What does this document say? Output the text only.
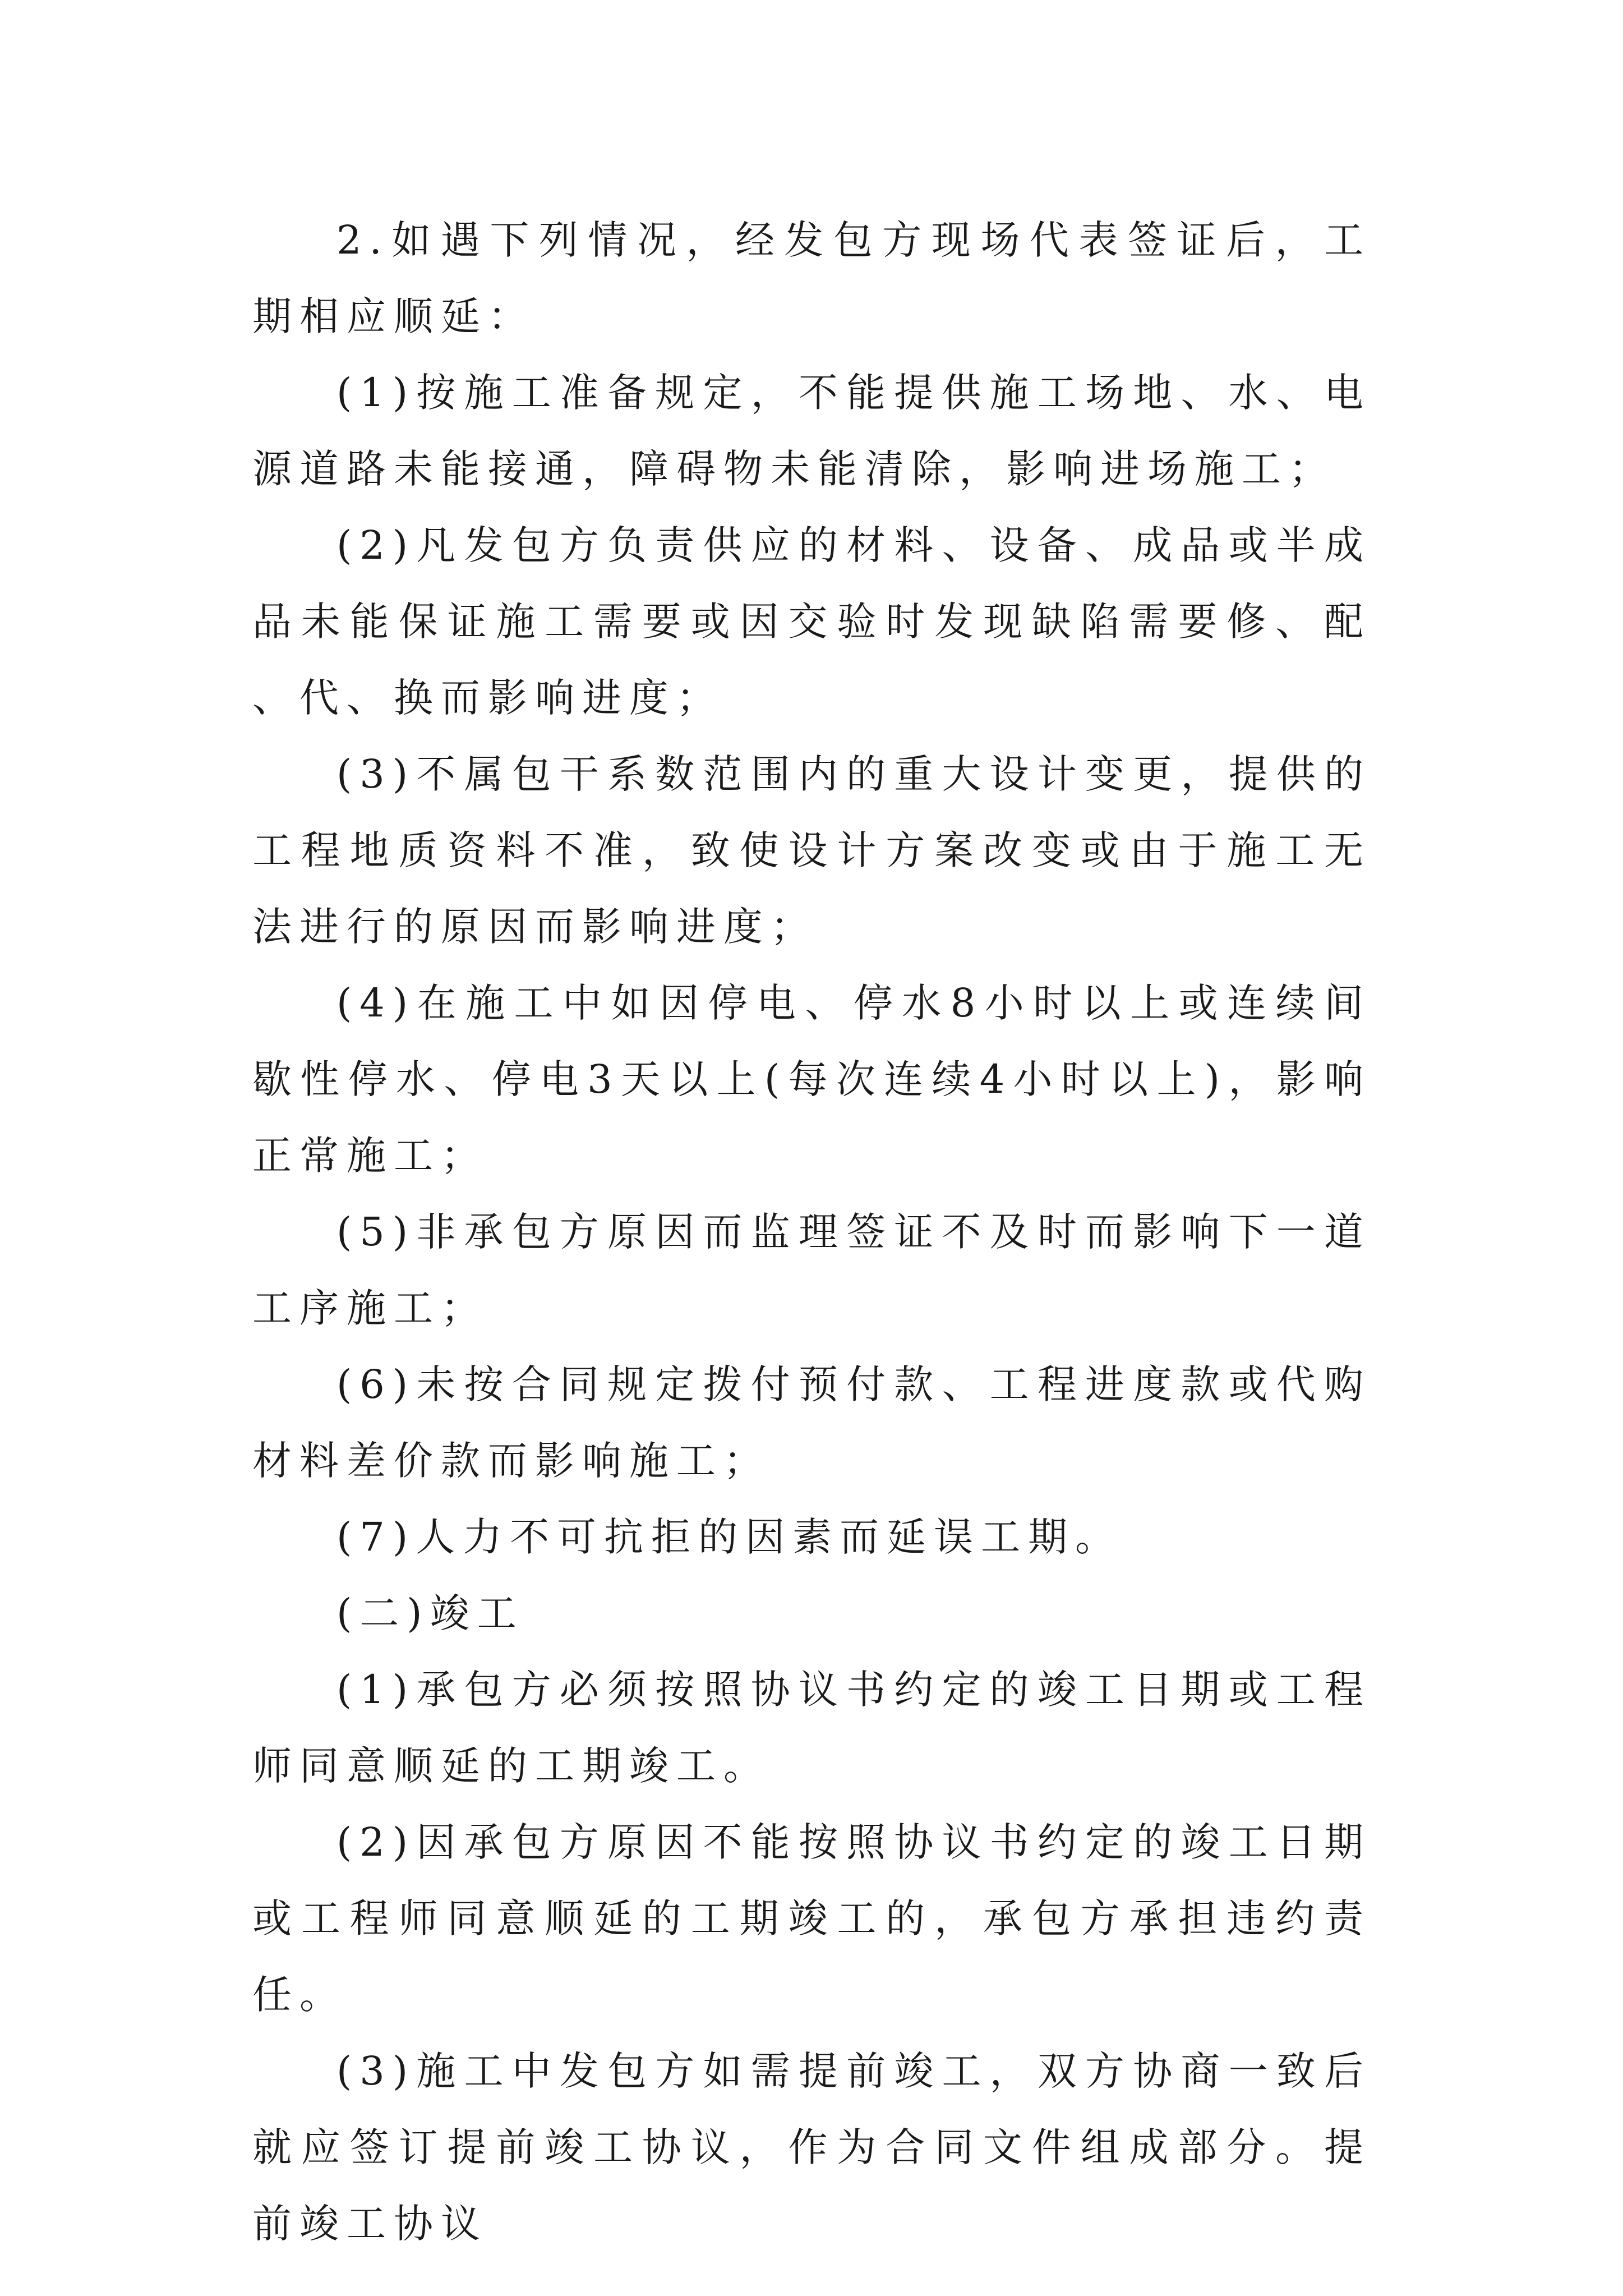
2.如遇下列情况，经发包方现场代表签证后，工期相应顺延：

(1)按施工准备规定，不能提供施工场地、水、电源道路未能接通，障碍物未能清除，影响进场施工；

(2)凡发包方负责供应的材料、设备、成品或半成品未能保证施工需要或因交验时发现缺陷需要修、配、代、换而影响进度；

(3)不属包干系数范围内的重大设计变更，提供的工程地质资料不准，致使设计方案改变或由于施工无法进行的原因而影响进度；

(4)在施工中如因停电、停水8小时以上或连续间歇性停水、停电3天以上(每次连续4小时以上)，影响正常施工；

(5)非承包方原因而监理签证不及时而影响下一道工序施工；

(6)未按合同规定拨付预付款、工程进度款或代购材料差价款而影响施工；

(7)人力不可抗拒的因素而延误工期。

(二)竣工

(1)承包方必须按照协议书约定的竣工日期或工程师同意顺延的工期竣工。

(2)因承包方原因不能按照协议书约定的竣工日期或工程师同意顺延的工期竣工的，承包方承担违约责任。

(3)施工中发包方如需提前竣工，双方协商一致后就应签订提前竣工协议，作为合同文件组成部分。提前竣工协议
